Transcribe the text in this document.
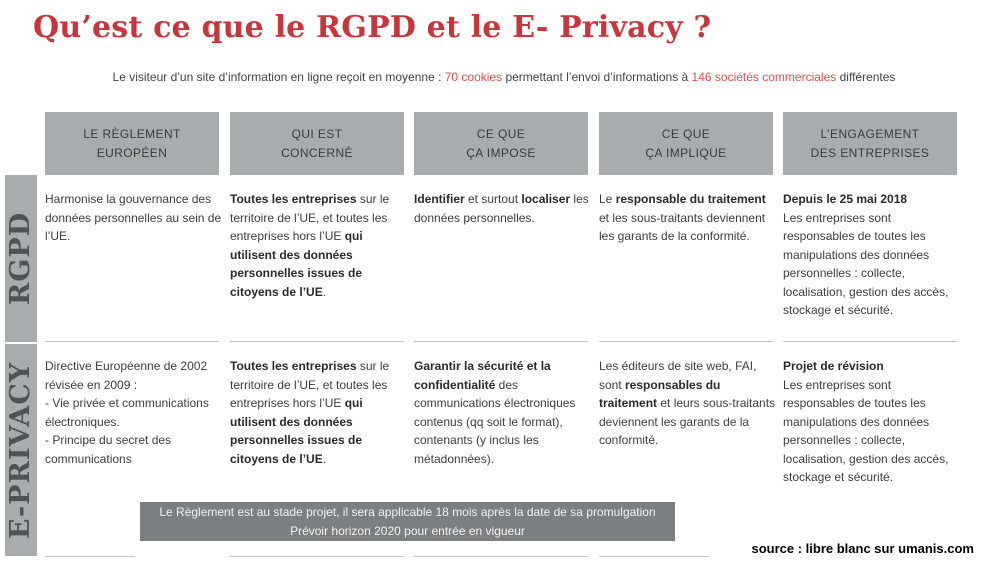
Qu’est ce que le RGPD et le E- Privacy ?
Le visiteur d’un site d’information en ligne reçoit en moyenne : 70 cookies permettant l’envoi d’informations à 146 sociétés commerciales différentes
LE RÈGLEMENT
EUROPÉEN
QUI EST
CONCERNÉ
CE QUE
ÇA IMPOSE
CE QUE
ÇA IMPLIQUE
L’ENGAGEMENT
DES ENTREPRISES
RGPD
E-PRIVACY
Harmonise la gouvernance des données personnelles au sein de l’UE.
Toutes les entreprises sur le territoire de l’UE, et toutes les entreprises hors l’UE qui utilisent des données personnelles issues de citoyens de l’UE.
Identifier et surtout localiser les données personnelles.
Le responsable du traitement et les sous-traitants deviennent les garants de la conformité.
Depuis le 25 mai 2018
Les entreprises sont responsables de toutes les manipulations des données personnelles : collecte, localisation, gestion des accès, stockage et sécurité.
Directive Européenne de 2002 révisée en 2009 :
- Vie privée et communications électroniques.
- Principe du secret des communications
Toutes les entreprises sur le territoire de l’UE, et toutes les entreprises hors l’UE qui utilisent des données personnelles issues de citoyens de l’UE.
Garantir la sécurité et la confidentialité des communications électroniques contenus (qq soit le format), contenants (y inclus les métadonnées).
Les éditeurs de site web, FAI, sont responsables du traitement et leurs sous-traitants deviennent les garants de la conformité.
Projet de révision
Les entreprises sont responsables de toutes les manipulations des données personnelles : collecte, localisation, gestion des accès, stockage et sécurité.
Le Règlement est au stade projet, il sera applicable 18 mois après la date de sa promulgation
Prévoir horizon 2020 pour entrée en vigueur
source : libre blanc sur umanis.com
